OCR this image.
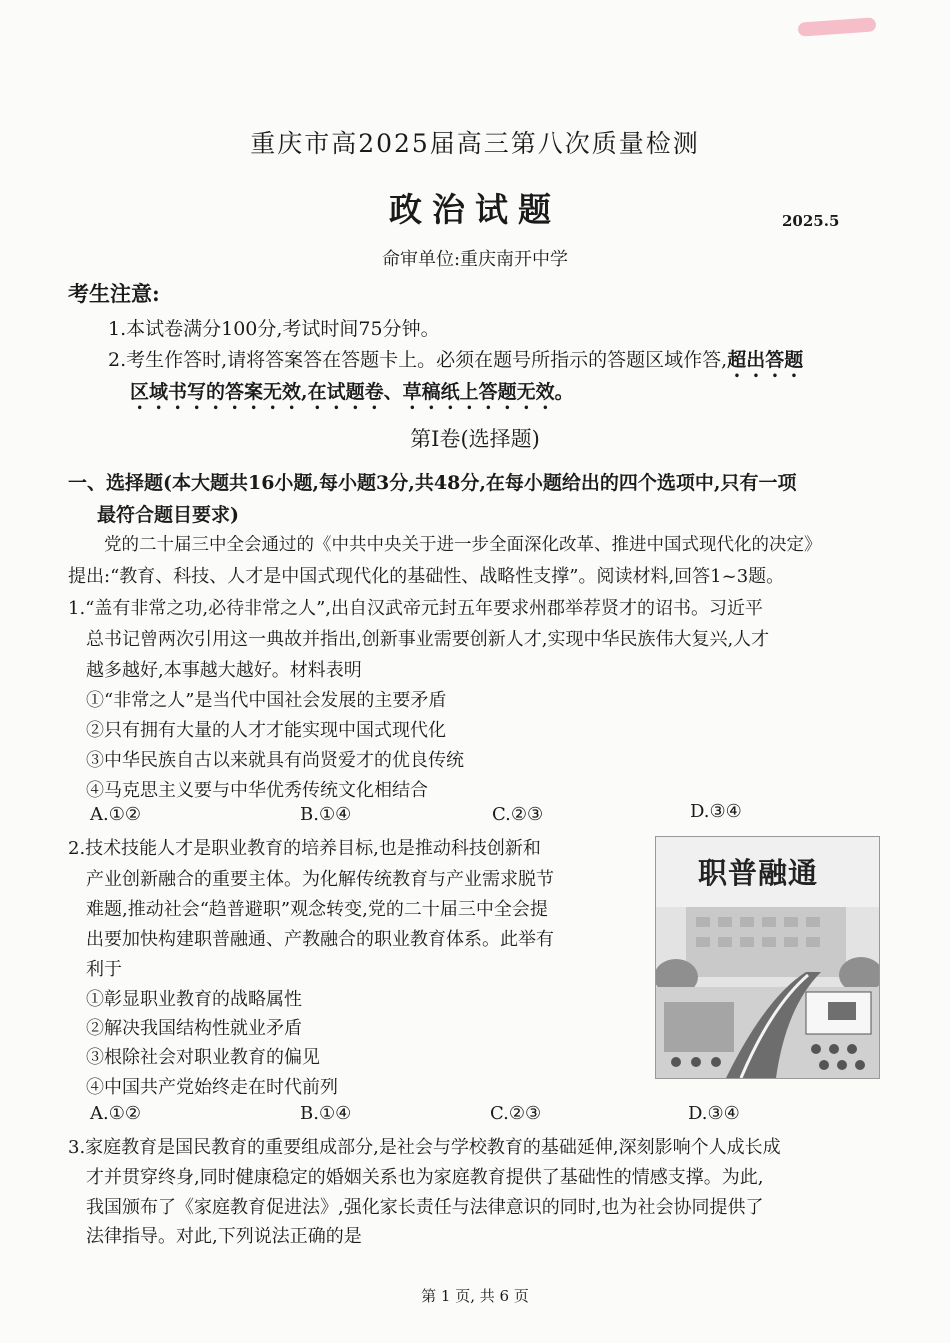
重庆市高2025届高三第八次质量检测
政治试题	2025.5
命审单位:重庆南开中学
考生注意:
1.本试卷满分100分,考试时间75分钟。
2.考生作答时,请将答案答在答题卡上。必须在题号所指示的答题区域作答,超出答题
区域书写的答案无效,在试题卷、草稿纸上答题无效。
第Ⅰ卷(选择题)
一、选择题(本大题共16小题,每小题3分,共48分,在每小题给出的四个选项中,只有一项
最符合题目要求)
党的二十届三中全会通过的《中共中央关于进一步全面深化改革、推进中国式现代化的决定》
提出:“教育、科技、人才是中国式现代化的基础性、战略性支撑”。阅读材料,回答1~3题。
1.“盖有非常之功,必待非常之人”,出自汉武帝元封五年要求州郡举荐贤才的诏书。习近平
总书记曾两次引用这一典故并指出,创新事业需要创新人才,实现中华民族伟大复兴,人才
越多越好,本事越大越好。材料表明
①“非常之人”是当代中国社会发展的主要矛盾
②只有拥有大量的人才才能实现中国式现代化
③中华民族自古以来就具有尚贤爱才的优良传统
④马克思主义要与中华优秀传统文化相结合
A.①②	B.①④	C.②③	D.③④
2.技术技能人才是职业教育的培养目标,也是推动科技创新和
产业创新融合的重要主体。为化解传统教育与产业需求脱节
难题,推动社会“趋普避职”观念转变,党的二十届三中全会提
出要加快构建职普融通、产教融合的职业教育体系。此举有
利于
①彰显职业教育的战略属性
②解决我国结构性就业矛盾
③根除社会对职业教育的偏见
④中国共产党始终走在时代前列
A.①②	B.①④	C.②③	D.③④
职普融通
3.家庭教育是国民教育的重要组成部分,是社会与学校教育的基础延伸,深刻影响个人成长成
才并贯穿终身,同时健康稳定的婚姻关系也为家庭教育提供了基础性的情感支撑。为此,
我国颁布了《家庭教育促进法》,强化家长责任与法律意识的同时,也为社会协同提供了
法律指导。对此,下列说法正确的是
第 1 页, 共 6 页
